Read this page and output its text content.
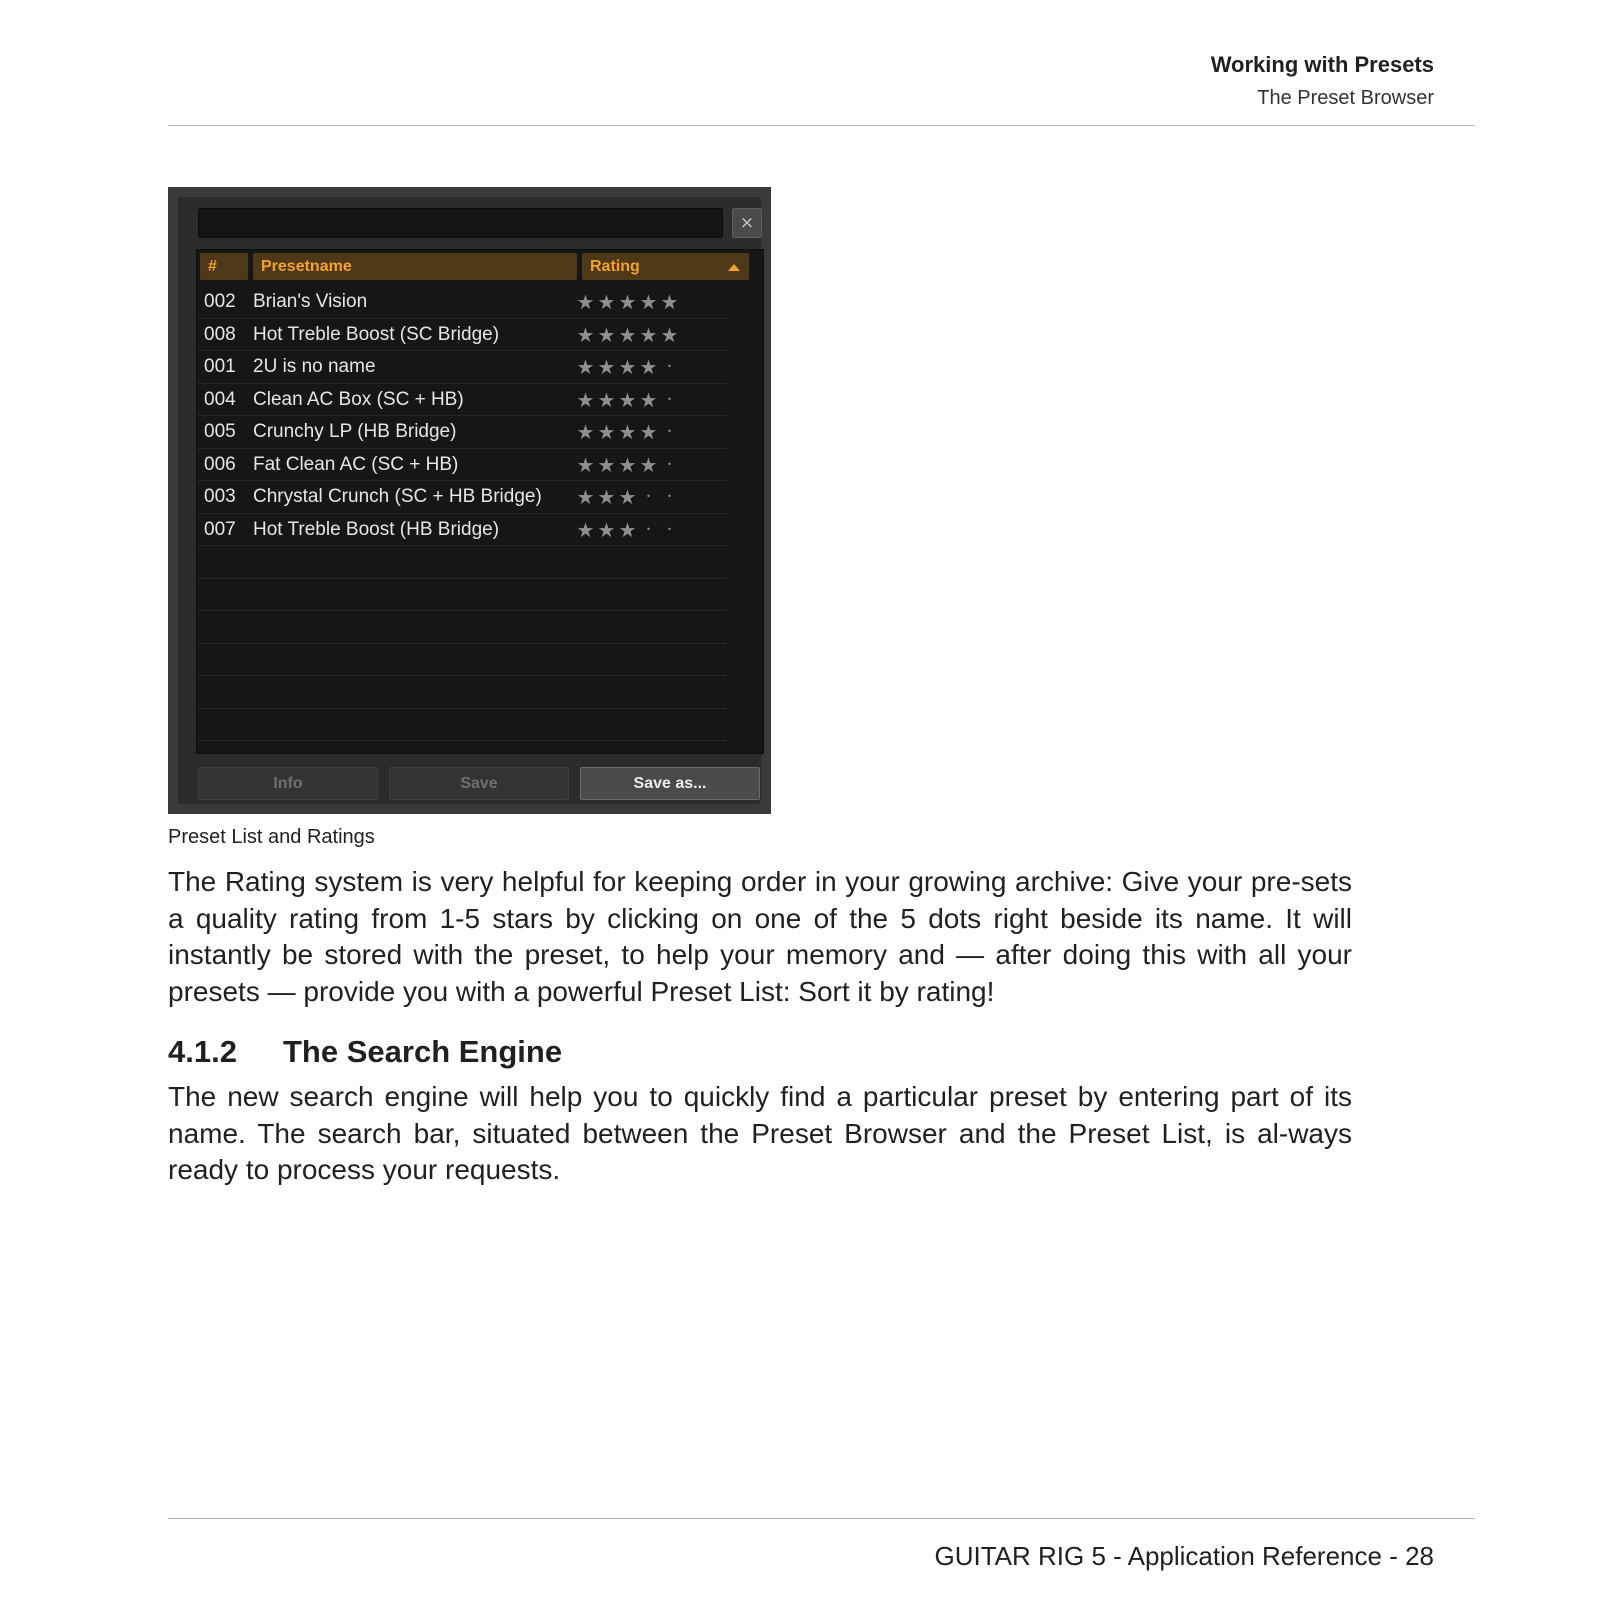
Working with Presets
The Preset Browser
×
#	Presetname	Rating
002 Brian's Vision	★ ★ ★ ★ ★
008 Hot Treble Boost (SC Bridge)	★ ★ ★ ★ ★
001 2U is no name	★ ★ ★ ★ •
004 Clean AC Box (SC + HB)	★ ★ ★ ★ •
005 Crunchy LP (HB Bridge)	★ ★ ★ ★ •
006 Fat Clean AC (SC + HB)	★ ★ ★ ★ •
003 Chrystal Crunch (SC + HB Bridge) ★ ★ ★ • •
007 Hot Treble Boost (HB Bridge)	★ ★ ★ • •
Info	Save	Save as...
Preset List and Ratings

The Rating system is very helpful for keeping order in your growing archive: Give your pre-sets a quality rating from 1-5 stars by clicking on one of the 5 dots right beside its name. It will instantly be stored with the preset, to help your memory and — after doing this with all your presets — provide you with a powerful Preset List: Sort it by rating!

4.1.2 The Search Engine

The new search engine will help you to quickly find a particular preset by entering part of its name. The search bar, situated between the Preset Browser and the Preset List, is al-ways ready to process your requests.

GUITAR RIG 5 - Application Reference - 28
